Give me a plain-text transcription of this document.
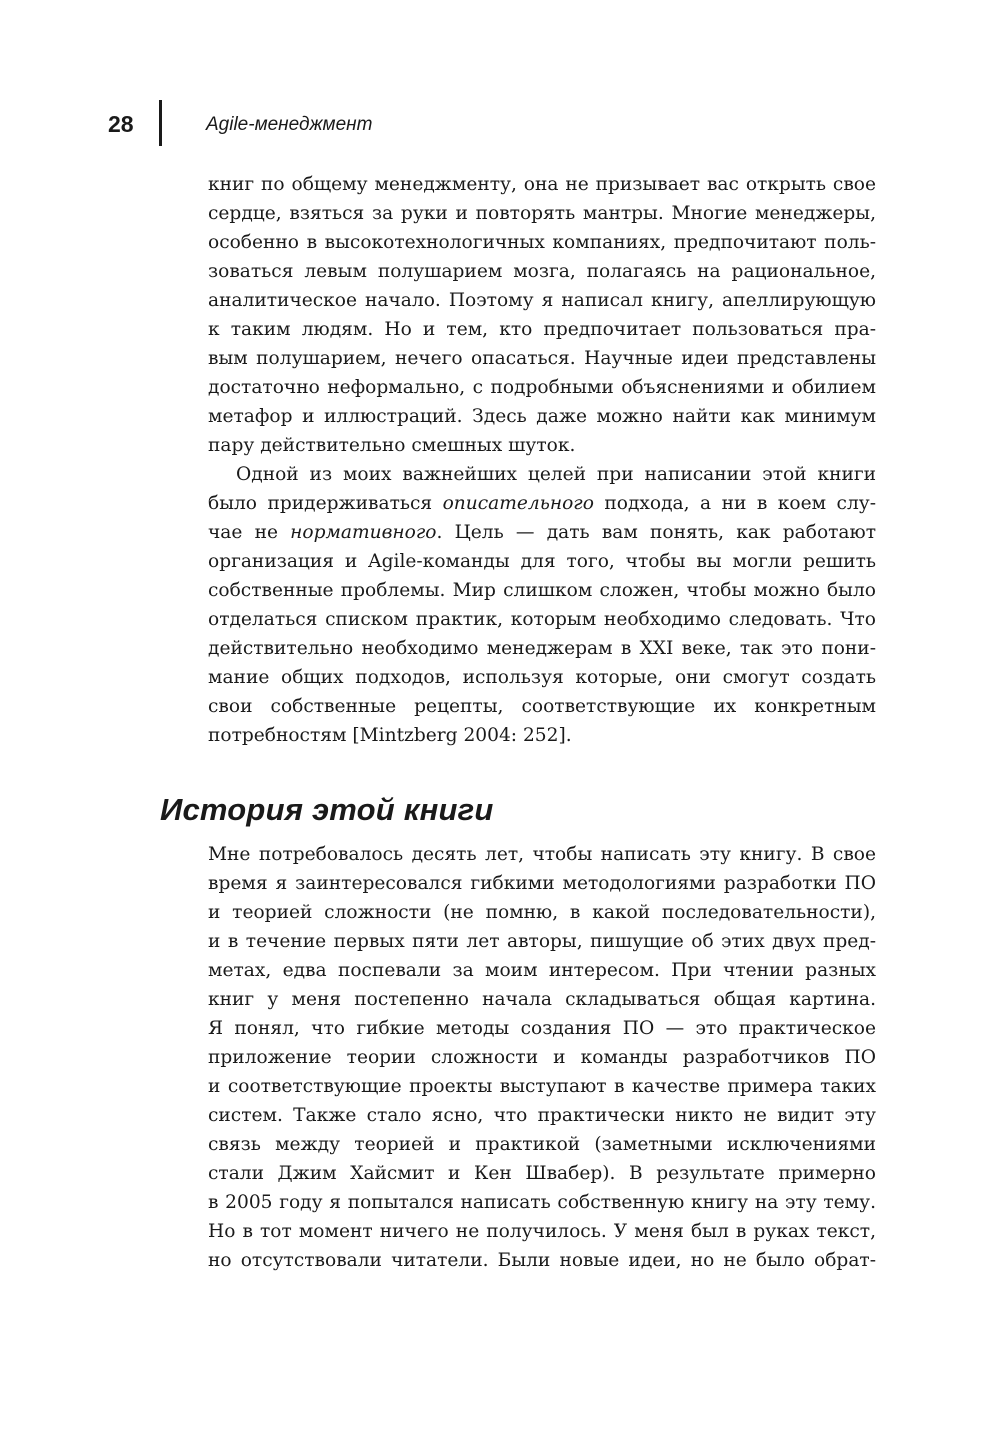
28	Agile-менеджмент
книг по общему менеджменту, она не призывает вас открыть свое
сердце, взяться за руки и повторять мантры. Многие менеджеры,
особенно в высокотехнологичных компаниях, предпочитают поль-
зоваться левым полушарием мозга, полагаясь на рациональное,
аналитическое начало. Поэтому я написал книгу, апеллирующую
к таким людям. Но и тем, кто предпочитает пользоваться пра-
вым полушарием, нечего опасаться. Научные идеи представлены
достаточно неформально, с подробными объяснениями и обилием
метафор и иллюстраций. Здесь даже можно найти как минимум
пару действительно смешных шуток.
Одной из моих важнейших целей при написании этой книги
было придерживаться описательного подхода, а ни в коем слу-
чае не нормативного. Цель — дать вам понять, как работают
организация и Agile-команды для того, чтобы вы могли решить
собственные проблемы. Мир слишком сложен, чтобы можно было
отделаться списком практик, которым необходимо следовать. Что
действительно необходимо менеджерам в XXI веке, так это пони-
мание общих подходов, используя которые, они смогут создать
свои собственные рецепты, соответствующие их конкретным
потребностям [Mintzberg 2004: 252].
История этой книги
Мне потребовалось десять лет, чтобы написать эту книгу. В свое
время я заинтересовался гибкими методологиями разработки ПО
и теорией сложности (не помню, в какой последовательности),
и в течение первых пяти лет авторы, пишущие об этих двух пред-
метах, едва поспевали за моим интересом. При чтении разных
книг у меня постепенно начала складываться общая картина.
Я понял, что гибкие методы создания ПО — это практическое
приложение теории сложности и команды разработчиков ПО
и соответствующие проекты выступают в качестве примера таких
систем. Также стало ясно, что практически никто не видит эту
связь между теорией и практикой (заметными исключениями
стали Джим Хайсмит и Кен Швабер). В результате примерно
в 2005 году я попытался написать собственную книгу на эту тему.
Но в тот момент ничего не получилось. У меня был в руках текст,
но отсутствовали читатели. Были новые идеи, но не было обрат-
